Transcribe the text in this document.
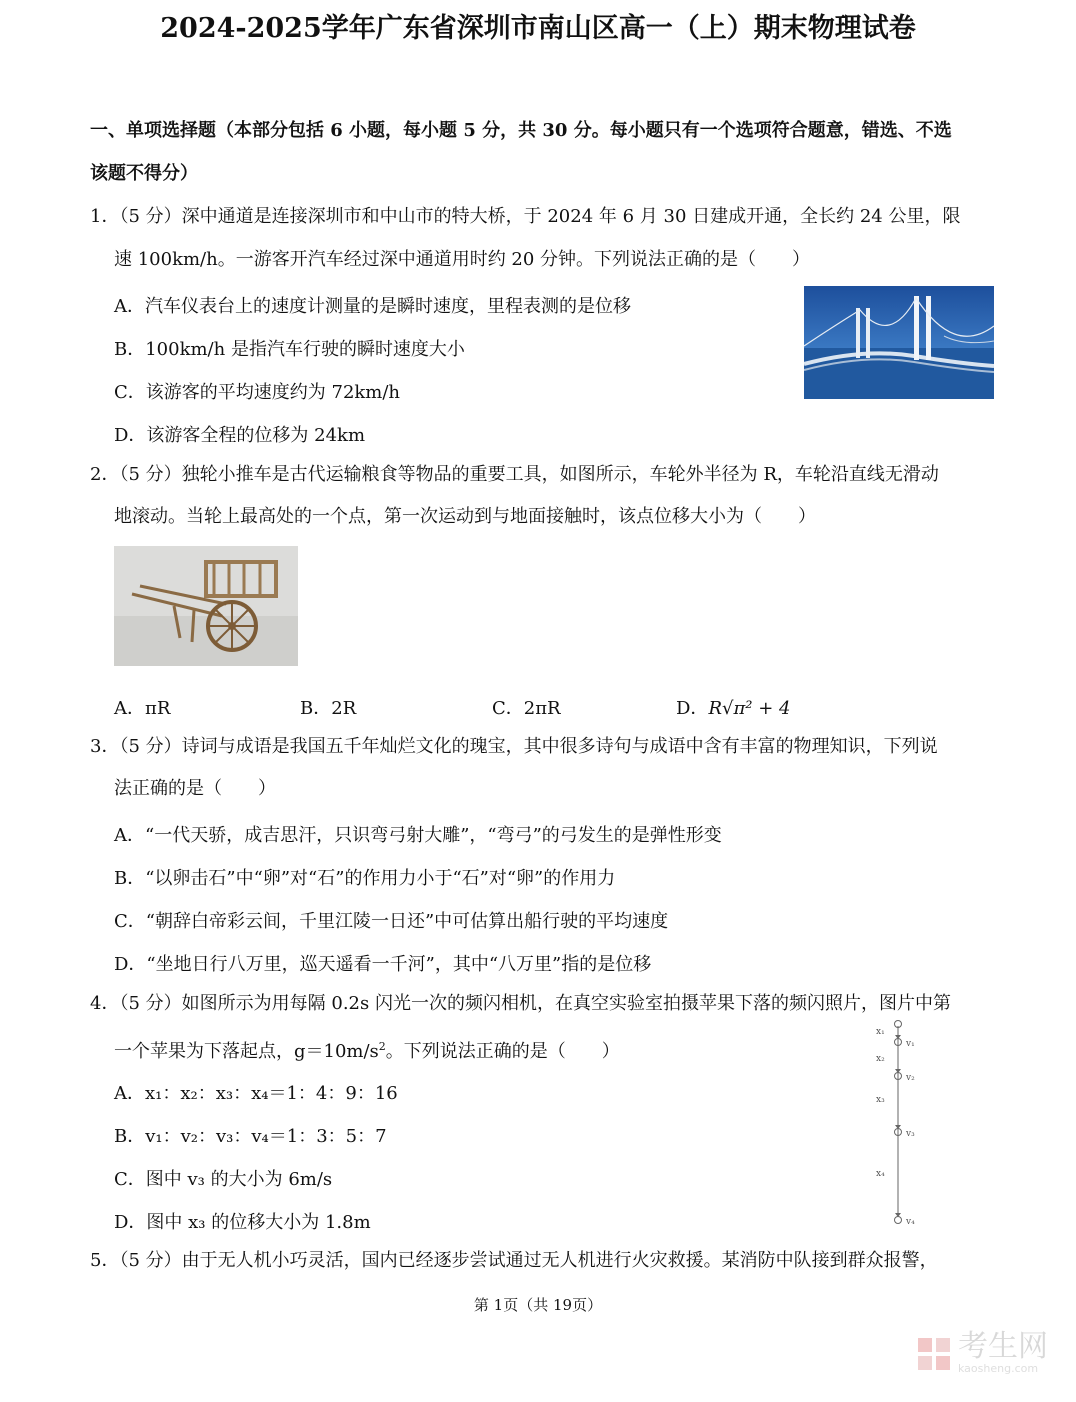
2024-2025学年广东省深圳市南山区高一（上）期末物理试卷
一、单项选择题（本部分包括 6 小题，每小题 5 分，共 30 分。每小题只有一个选项符合题意，错选、不选
该题不得分）
1．（5 分）深中通道是连接深圳市和中山市的特大桥，于 2024 年 6 月 30 日建成开通，全长约 24 公里，限
速 100km/h。一游客开汽车经过深中通道用时约 20 分钟。下列说法正确的是（　　）
A．汽车仪表台上的速度计测量的是瞬时速度，里程表测的是位移
B．100km/h 是指汽车行驶的瞬时速度大小
C．该游客的平均速度约为 72km/h
D．该游客全程的位移为 24km
2．（5 分）独轮小推车是古代运输粮食等物品的重要工具，如图所示，车轮外半径为 R，车轮沿直线无滑动
地滚动。当轮上最高处的一个点，第一次运动到与地面接触时，该点位移大小为（　　）
A．πR	B．2R	C．2πR	D．R√π² + 4
3．（5 分）诗词与成语是我国五千年灿烂文化的瑰宝，其中很多诗句与成语中含有丰富的物理知识，下列说
法正确的是（　　）
A．“一代天骄，成吉思汗，只识弯弓射大雕”，“弯弓”的弓发生的是弹性形变
B．“以卵击石”中“卵”对“石”的作用力小于“石”对“卵”的作用力
C．“朝辞白帝彩云间，千里江陵一日还”中可估算出船行驶的平均速度
D．“坐地日行八万里，巡天遥看一千河”，其中“八万里”指的是位移
4．（5 分）如图所示为用每隔 0.2s 闪光一次的频闪相机，在真空实验室拍摄苹果下落的频闪照片，图片中第
一个苹果为下落起点，$g=10m/s^2$。下列说法正确的是（　　）
A．x₁：x₂：x₃：x₄＝1：4：9：16
B．v₁：v₂：v₃：v₄＝1：3：5：7
C．图中 v₃ 的大小为 6m/s
D．图中 x₃ 的位移大小为 1.8m
x₁
x₂
x₃
x₄
v₁
v₂
v₃
v₄
5．（5 分）由于无人机小巧灵活，国内已经逐步尝试通过无人机进行火灾救援。某消防中队接到群众报警，
第 1页（共 19页）
考生网
kaosheng.com
